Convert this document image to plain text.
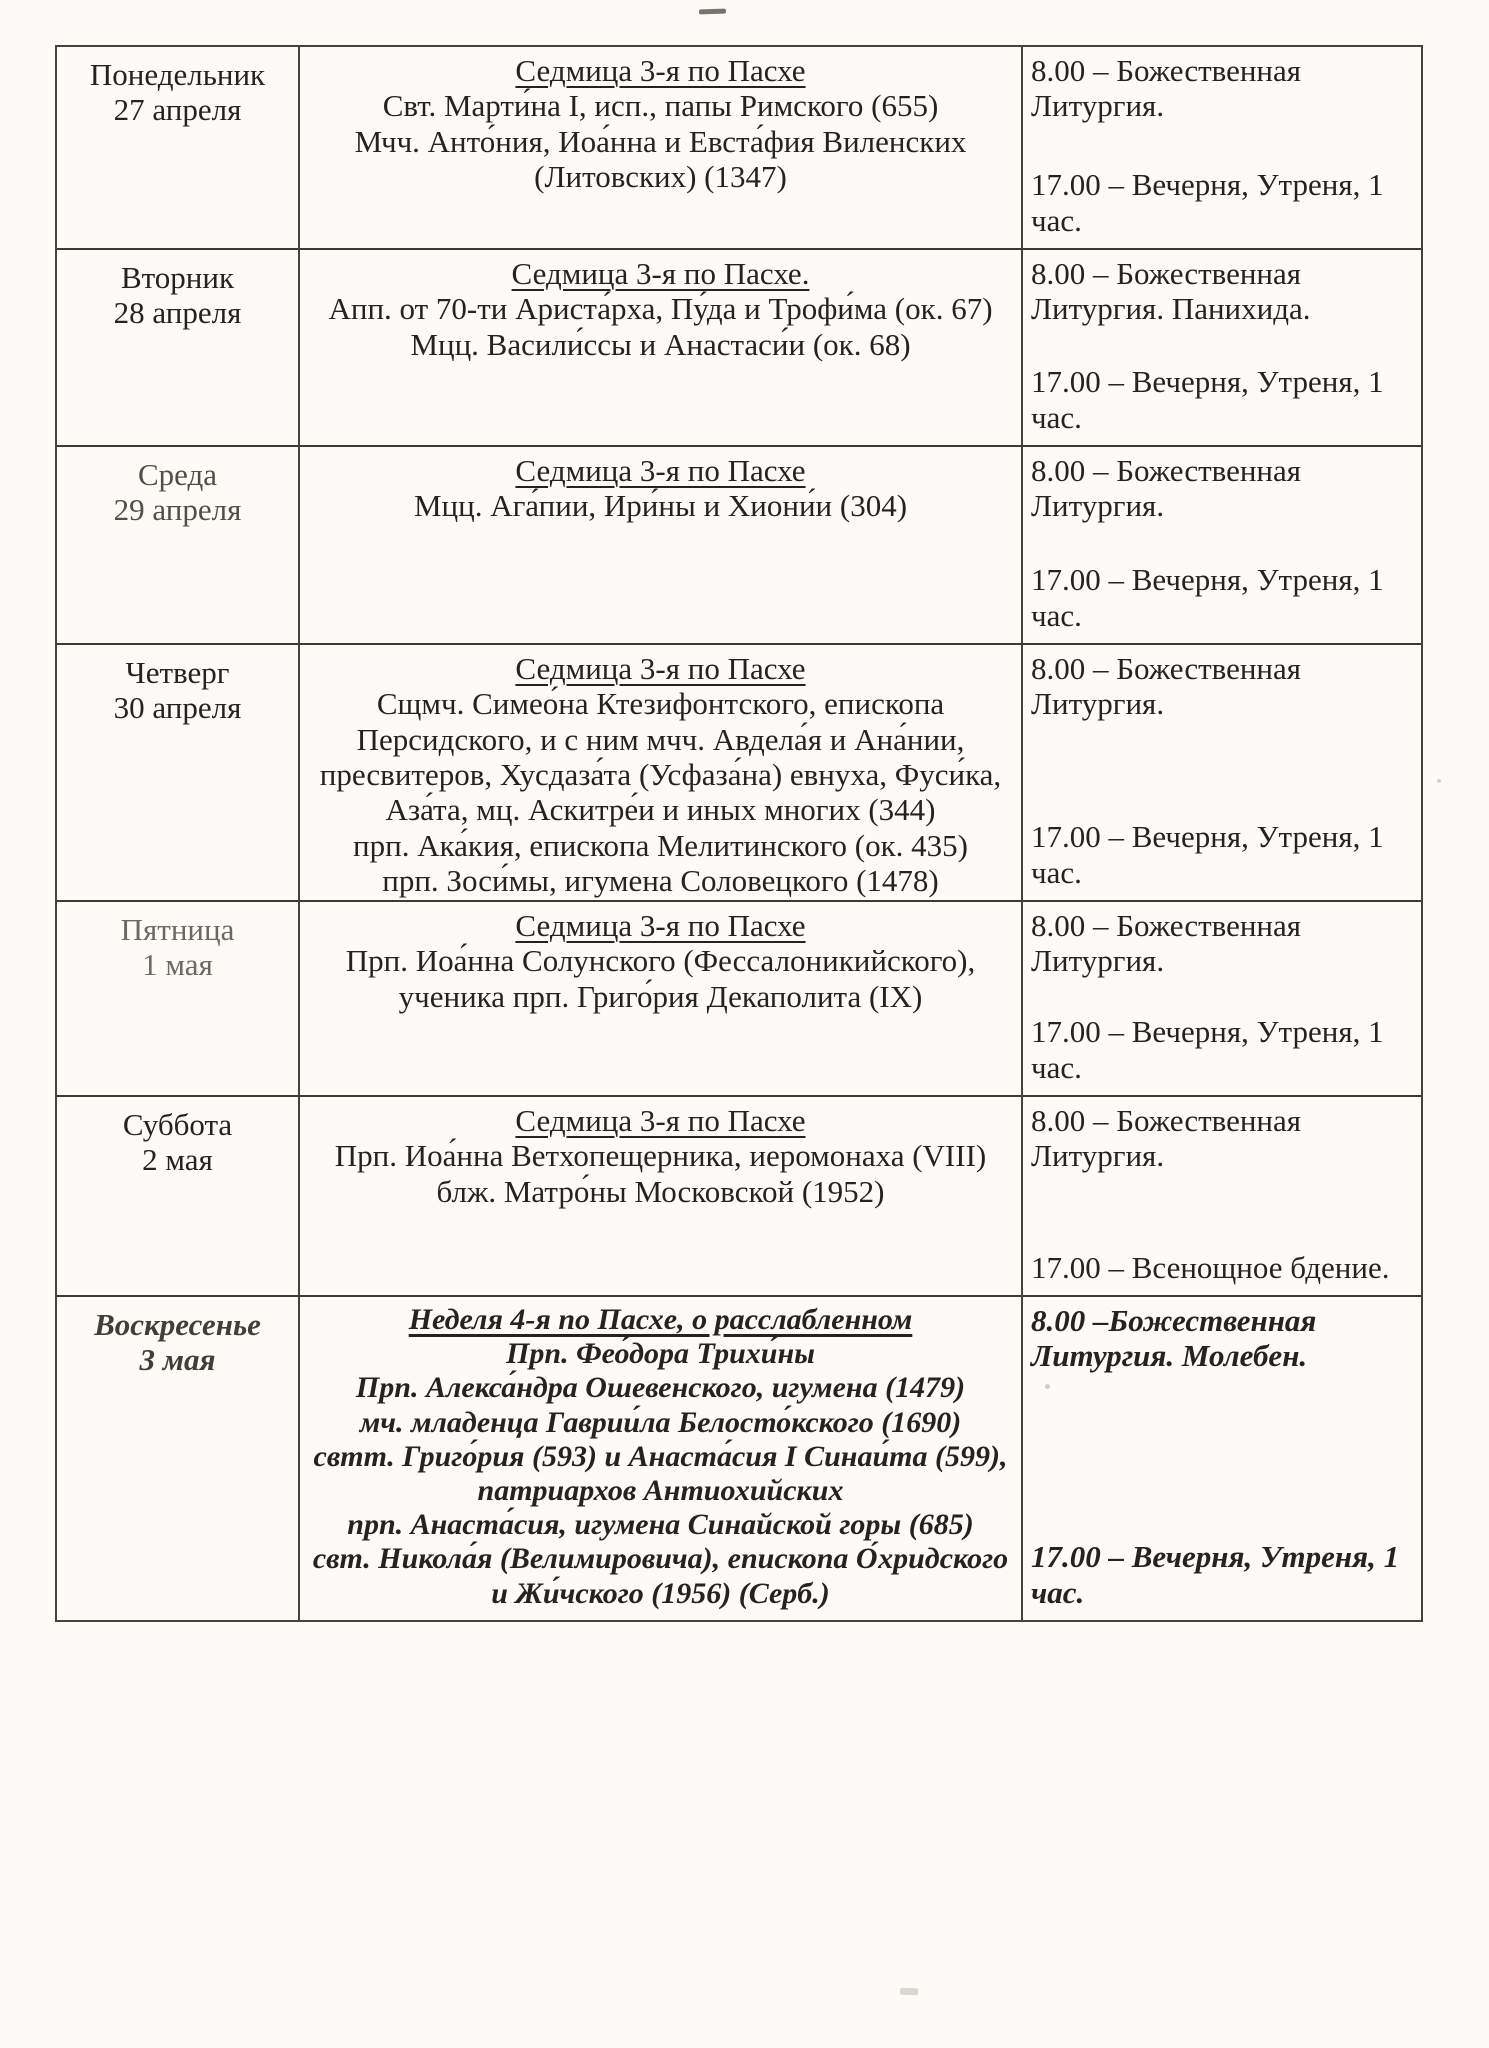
Понедельник
27 апреля
Седмица 3-я по Пасхе
Свт. Марти́на I, исп., папы Римского (655)
Мчч. Анто́ния, Иоа́нна и Евста́фия Виленских (Литовских) (1347)
8.00 – Божественная Литургия.
17.00 – Вечерня, Утреня, 1 час.
Вторник
28 апреля
Седмица 3-я по Пасхе.
Апп. от 70-ти Ариста́рха, Пу́да и Трофи́ма (ок. 67)
Мцц. Васили́ссы и Анастаси́и (ок. 68)
8.00 – Божественная Литургия. Панихида.
17.00 – Вечерня, Утреня, 1 час.
Среда
29 апреля
Седмица 3-я по Пасхе
Мцц. Ага́пии, Ири́ны и Хиони́и (304)
8.00 – Божественная Литургия.
17.00 – Вечерня, Утреня, 1 час.
Четверг
30 апреля
Седмица 3-я по Пасхе
Сщмч. Симео́на Ктезифонтского, епископа Персидского, и с ним мчч. Авдела́я и Ана́нии, пресвитеров, Хусдаза́та (Усфаза́на) евнуха, Фуси́ка, Аза́та, мц. Аскитре́и и иных многих (344)
прп. Ака́кия, епископа Мелитинского (ок. 435)
прп. Зоси́мы, игумена Соловецкого (1478)
8.00 – Божественная Литургия.
17.00 – Вечерня, Утреня, 1 час.
Пятница
1 мая
Седмица 3-я по Пасхе
Прп. Иоа́нна Солунского (Фессалоникийского), ученика прп. Григо́рия Декаполита (IX)
8.00 – Божественная Литургия.
17.00 – Вечерня, Утреня, 1 час.
Суббота
2 мая
Седмица 3-я по Пасхе
Прп. Иоа́нна Ветхопещерника, иеромонаха (VIII)
блж. Матро́ны Московской (1952)
8.00 – Божественная Литургия.
17.00 – Всенощное бдение.
Воскресенье
3 мая
Неделя 4-я по Пасхе, о расслабленном
Прп. Фео́дора Трихи́ны
Прп. Алекса́ндра Ошевенского, игумена (1479)
мч. младенца Гаврии́ла Белосто́кского (1690)
свтт. Григо́рия (593) и Анаста́сия I Синаи́та (599), патриархов Антиохийских
прп. Анаста́сия, игумена Синайской горы (685)
свт. Никола́я (Велимировича), епископа О́хридского и Жи́чского (1956) (Серб.)
8.00 –Божественная Литургия. Молебен.
17.00 – Вечерня, Утреня, 1 час.
